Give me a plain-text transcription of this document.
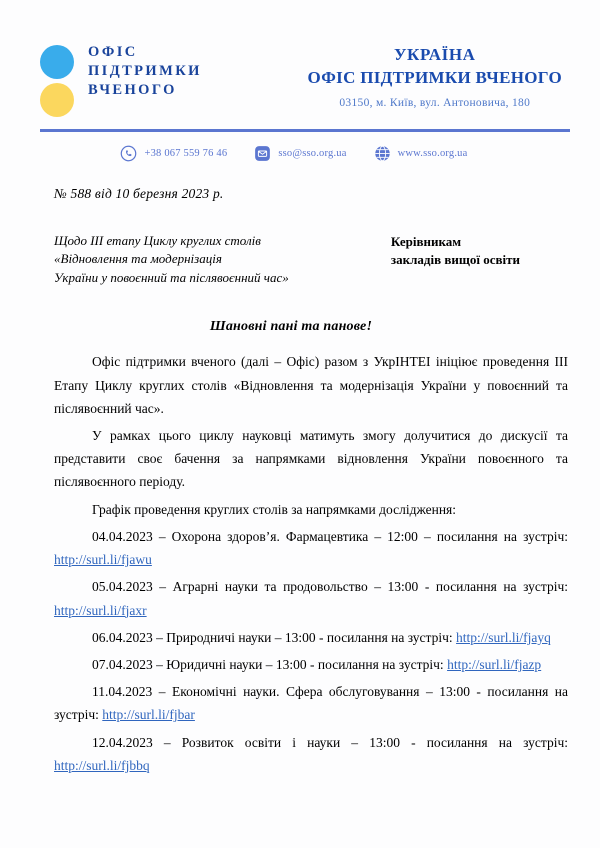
ОФІС
ПІДТРИМКИ
ВЧЕНОГО
УКРАЇНА
ОФІС ПІДТРИМКИ ВЧЕНОГО
03150, м. Київ, вул. Антоновича, 180
+38 067 559 76 46	sso@sso.org.ua	www.sso.org.ua
№ 588 від 10 березня 2023 р.
Щодо ІІІ етапу Циклу круглих столів
«Відновлення та модернізація
України у повоєнний та післявоєнний час»
Керівникам
закладів вищої освіти
Шановні пані та панове!
Офіс підтримки вченого (далі – Офіс) разом з УкрІНТЕІ ініціює проведення ІІІ Етапу Циклу круглих столів «Відновлення та модернізація України у повоєнний та післявоєнний час».
У рамках цього циклу науковці матимуть змогу долучитися до дискусії та представити своє бачення за напрямками відновлення України повоєнного та післявоєнного періоду.
Графік проведення круглих столів за напрямками дослідження:
04.04.2023 – Охорона здоров’я. Фармацевтика – 12:00 – посилання на зустріч: http://surl.li/fjawu
05.04.2023 – Аграрні науки та продовольство – 13:00 - посилання на зустріч: http://surl.li/fjaxr
06.04.2023 – Природничі науки – 13:00 - посилання на зустріч: http://surl.li/fjayq
07.04.2023 – Юридичні науки – 13:00 - посилання на зустріч: http://surl.li/fjazp
11.04.2023 – Економічні науки. Сфера обслуговування – 13:00 - посилання на зустріч: http://surl.li/fjbar
12.04.2023 – Розвиток освіти і науки – 13:00 - посилання на зустріч: http://surl.li/fjbbq
